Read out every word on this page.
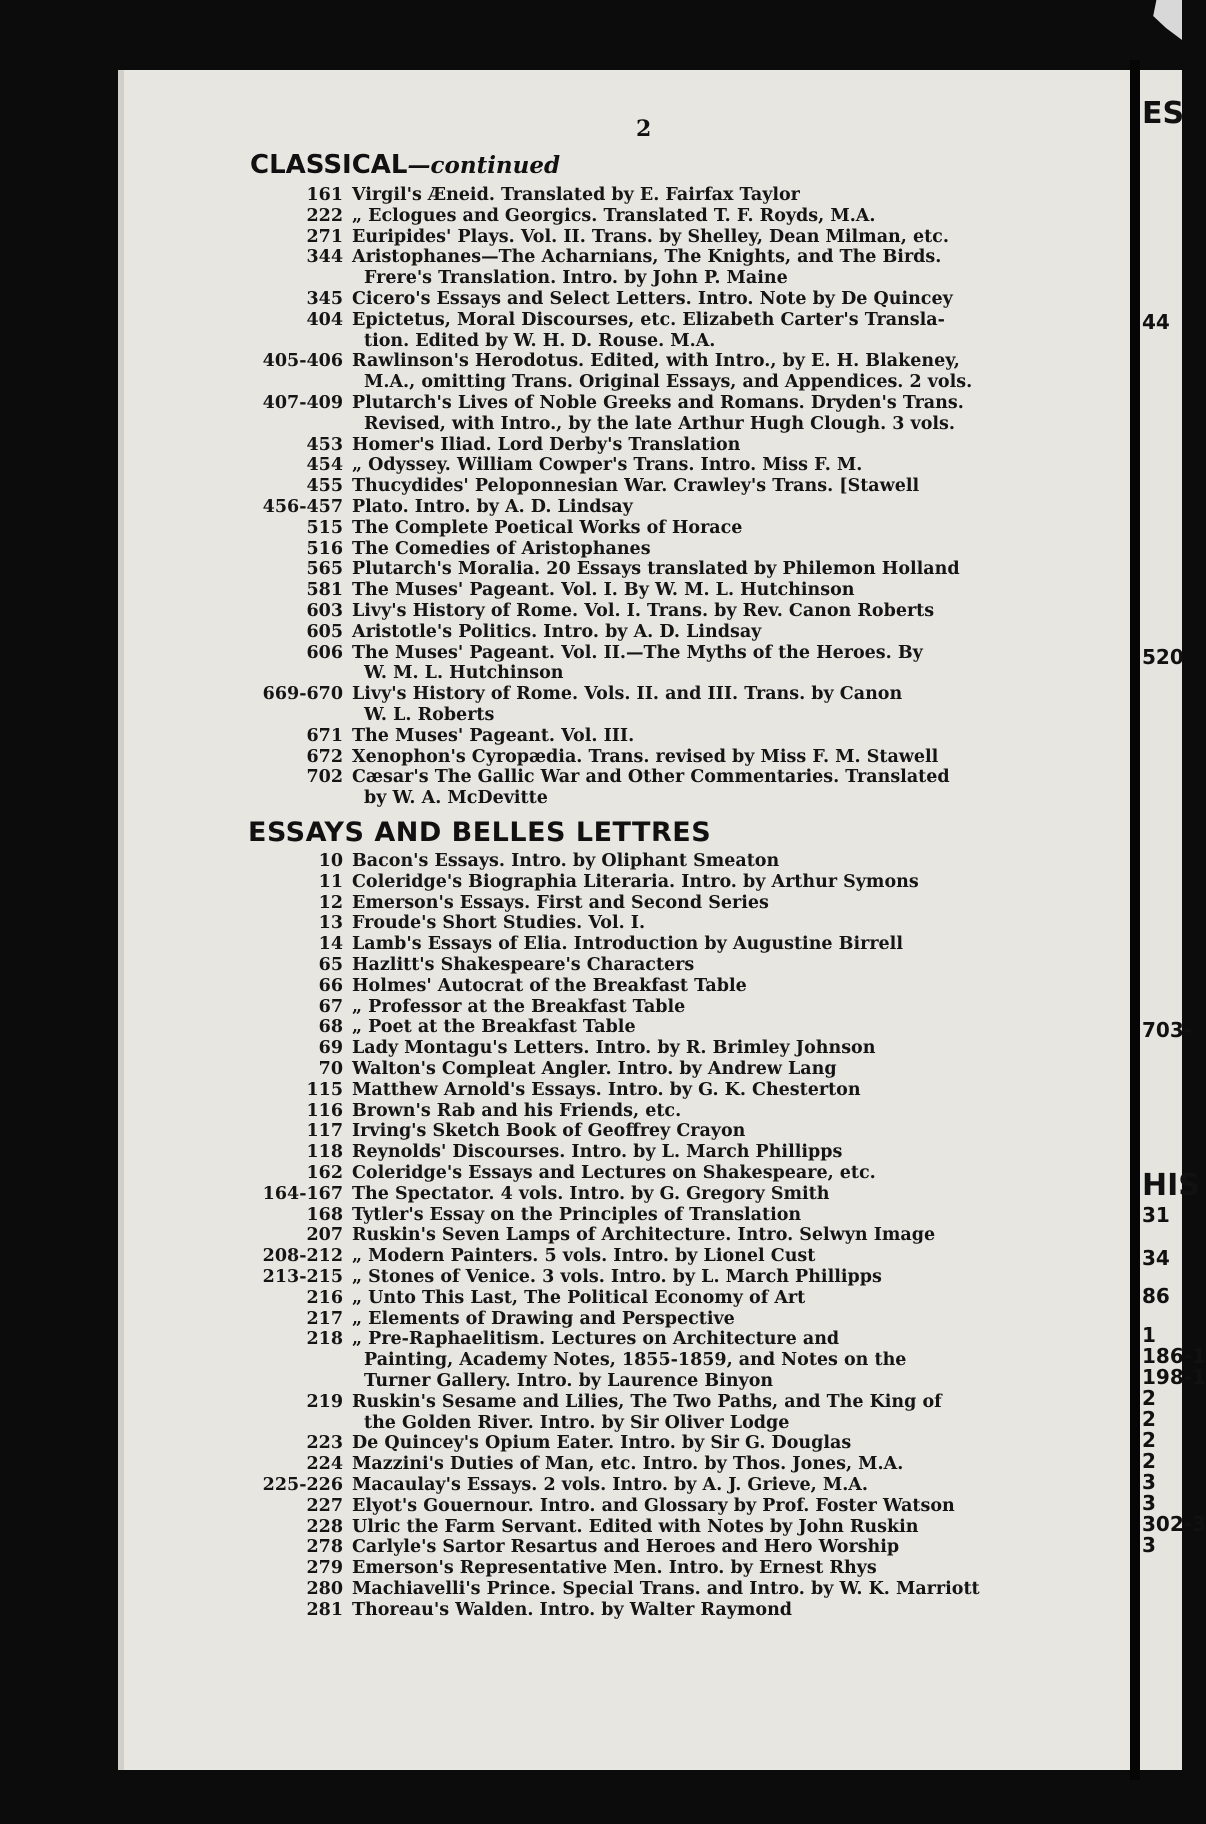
ES
44
520
703-
HIS
31
34
86
1
186-1
198-1
2
2
2
2
3
3
302-3
3
2
CLASSICAL—continued
161 Virgil's Æneid. Translated by E. Fairfax Taylor
222 „ Eclogues and Georgics. Translated T. F. Royds, M.A.
271 Euripides' Plays. Vol. II. Trans. by Shelley, Dean Milman, etc.
344 Aristophanes—The Acharnians, The Knights, and The Birds.
Frere's Translation. Intro. by John P. Maine
345 Cicero's Essays and Select Letters. Intro. Note by De Quincey
404 Epictetus, Moral Discourses, etc. Elizabeth Carter's Transla-
tion. Edited by W. H. D. Rouse. M.A.
405-406 Rawlinson's Herodotus. Edited, with Intro., by E. H. Blakeney,
M.A., omitting Trans. Original Essays, and Appendices. 2 vols.
407-409 Plutarch's Lives of Noble Greeks and Romans. Dryden's Trans.
Revised, with Intro., by the late Arthur Hugh Clough. 3 vols.
453 Homer's Iliad. Lord Derby's Translation
454 „ Odyssey. William Cowper's Trans. Intro. Miss F. M.
455 Thucydides' Peloponnesian War. Crawley's Trans. [Stawell
456-457 Plato. Intro. by A. D. Lindsay
515 The Complete Poetical Works of Horace
516 The Comedies of Aristophanes
565 Plutarch's Moralia. 20 Essays translated by Philemon Holland
581 The Muses' Pageant. Vol. I. By W. M. L. Hutchinson
603 Livy's History of Rome. Vol. I. Trans. by Rev. Canon Roberts
605 Aristotle's Politics. Intro. by A. D. Lindsay
606 The Muses' Pageant. Vol. II.—The Myths of the Heroes. By
W. M. L. Hutchinson
669-670 Livy's History of Rome. Vols. II. and III. Trans. by Canon
W. L. Roberts
671 The Muses' Pageant. Vol. III.
672 Xenophon's Cyropædia. Trans. revised by Miss F. M. Stawell
702 Cæsar's The Gallic War and Other Commentaries. Translated
by W. A. McDevitte
ESSAYS AND BELLES LETTRES
10 Bacon's Essays. Intro. by Oliphant Smeaton
11 Coleridge's Biographia Literaria. Intro. by Arthur Symons
12 Emerson's Essays. First and Second Series
13 Froude's Short Studies. Vol. I.
14 Lamb's Essays of Elia. Introduction by Augustine Birrell
65 Hazlitt's Shakespeare's Characters
66 Holmes' Autocrat of the Breakfast Table
67 „ Professor at the Breakfast Table
68 „ Poet at the Breakfast Table
69 Lady Montagu's Letters. Intro. by R. Brimley Johnson
70 Walton's Compleat Angler. Intro. by Andrew Lang
115 Matthew Arnold's Essays. Intro. by G. K. Chesterton
116 Brown's Rab and his Friends, etc.
117 Irving's Sketch Book of Geoffrey Crayon
118 Reynolds' Discourses. Intro. by L. March Phillipps
162 Coleridge's Essays and Lectures on Shakespeare, etc.
164-167 The Spectator. 4 vols. Intro. by G. Gregory Smith
168 Tytler's Essay on the Principles of Translation
207 Ruskin's Seven Lamps of Architecture. Intro. Selwyn Image
208-212 „ Modern Painters. 5 vols. Intro. by Lionel Cust
213-215 „ Stones of Venice. 3 vols. Intro. by L. March Phillipps
216 „ Unto This Last, The Political Economy of Art
217 „ Elements of Drawing and Perspective
218 „ Pre-Raphaelitism. Lectures on Architecture and
Painting, Academy Notes, 1855-1859, and Notes on the
Turner Gallery. Intro. by Laurence Binyon
219 Ruskin's Sesame and Lilies, The Two Paths, and The King of
the Golden River. Intro. by Sir Oliver Lodge
223 De Quincey's Opium Eater. Intro. by Sir G. Douglas
224 Mazzini's Duties of Man, etc. Intro. by Thos. Jones, M.A.
225-226 Macaulay's Essays. 2 vols. Intro. by A. J. Grieve, M.A.
227 Elyot's Gouernour. Intro. and Glossary by Prof. Foster Watson
228 Ulric the Farm Servant. Edited with Notes by John Ruskin
278 Carlyle's Sartor Resartus and Heroes and Hero Worship
279 Emerson's Representative Men. Intro. by Ernest Rhys
280 Machiavelli's Prince. Special Trans. and Intro. by W. K. Marriott
281 Thoreau's Walden. Intro. by Walter Raymond
